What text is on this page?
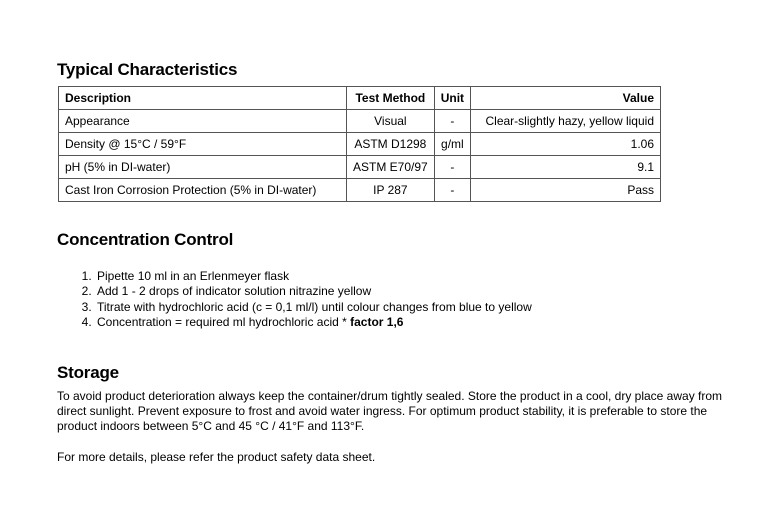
Typical Characteristics
Description	Test Method	Unit	Value
Appearance	Visual	-	Clear-slightly hazy, yellow liquid
Density @ 15°C / 59°F	ASTM D1298	g/ml	1.06
pH (5% in DI-water)	ASTM E70/97	-	9.1
Cast Iron Corrosion Protection (5% in DI-water)	IP 287	-	Pass
Concentration Control
1. Pipette 10 ml in an Erlenmeyer flask
2. Add 1 - 2 drops of indicator solution nitrazine yellow
3. Titrate with hydrochloric acid (c = 0,1 ml/l) until colour changes from blue to yellow
4. Concentration = required ml hydrochloric acid * factor 1,6
Storage

To avoid product deterioration always keep the container/drum tightly sealed. Store the product in a cool, dry place away from direct sunlight. Prevent exposure to frost and avoid water ingress. For optimum product stability, it is preferable to store the product indoors between 5°C and 45 °C / 41°F and 113°F.

For more details, please refer the product safety data sheet.
